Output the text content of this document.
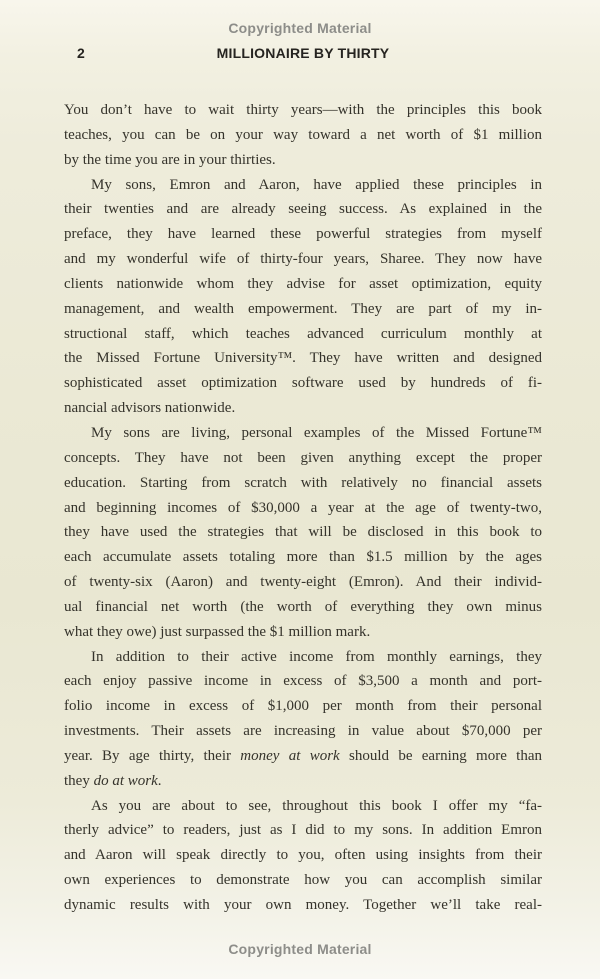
Copyrighted Material
2	MILLIONAIRE BY THIRTY
You don’t have to wait thirty years—with the principles this book
teaches, you can be on your way toward a net worth of $1 million
by the time you are in your thirties.
My sons, Emron and Aaron, have applied these principles in
their twenties and are already seeing success. As explained in the
preface, they have learned these powerful strategies from myself
and my wonderful wife of thirty-four years, Sharee. They now have
clients nationwide whom they advise for asset optimization, equity
management, and wealth empowerment. They are part of my in-
structional staff, which teaches advanced curriculum monthly at
the Missed Fortune University™. They have written and designed
sophisticated asset optimization software used by hundreds of fi-
nancial advisors nationwide.
My sons are living, personal examples of the Missed Fortune™
concepts. They have not been given anything except the proper
education. Starting from scratch with relatively no financial assets
and beginning incomes of $30,000 a year at the age of twenty-two,
they have used the strategies that will be disclosed in this book to
each accumulate assets totaling more than $1.5 million by the ages
of twenty-six (Aaron) and twenty-eight (Emron). And their individ-
ual financial net worth (the worth of everything they own minus
what they owe) just surpassed the $1 million mark.
In addition to their active income from monthly earnings, they
each enjoy passive income in excess of $3,500 a month and port-
folio income in excess of $1,000 per month from their personal
investments. Their assets are increasing in value about $70,000 per
year. By age thirty, their money at work should be earning more than
they do at work.
As you are about to see, throughout this book I offer my “fa-
therly advice” to readers, just as I did to my sons. In addition Emron
and Aaron will speak directly to you, often using insights from their
own experiences to demonstrate how you can accomplish similar
dynamic results with your own money. Together we’ll take real-
Copyrighted Material
